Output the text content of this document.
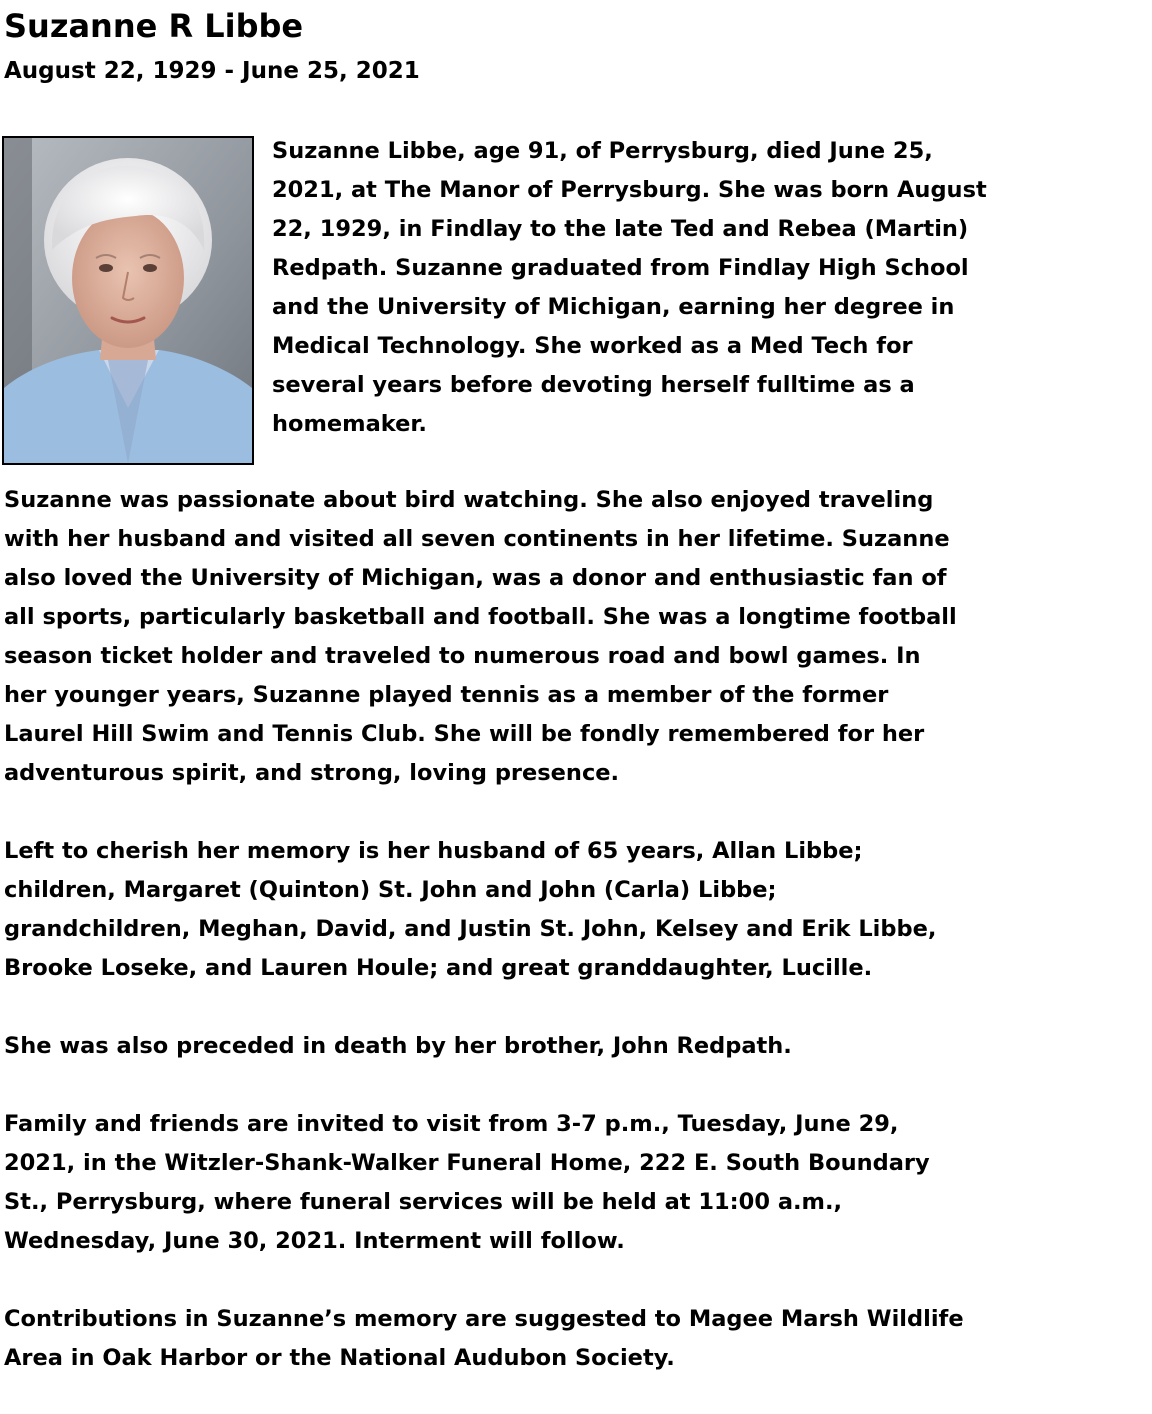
Suzanne R Libbe
August 22, 1929 - June 25, 2021

Suzanne Libbe, age 91, of Perrysburg, died June 25,
2021, at The Manor of Perrysburg. She was born August
22, 1929, in Findlay to the late Ted and Rebea (Martin)
Redpath. Suzanne graduated from Findlay High School
and the University of Michigan, earning her degree in
Medical Technology. She worked as a Med Tech for
several years before devoting herself fulltime as a
homemaker.

Suzanne was passionate about bird watching. She also enjoyed traveling
with her husband and visited all seven continents in her lifetime. Suzanne
also loved the University of Michigan, was a donor and enthusiastic fan of
all sports, particularly basketball and football. She was a longtime football
season ticket holder and traveled to numerous road and bowl games. In
her younger years, Suzanne played tennis as a member of the former
Laurel Hill Swim and Tennis Club. She will be fondly remembered for her
adventurous spirit, and strong, loving presence.

Left to cherish her memory is her husband of 65 years, Allan Libbe;
children, Margaret (Quinton) St. John and John (Carla) Libbe;
grandchildren, Meghan, David, and Justin St. John, Kelsey and Erik Libbe,
Brooke Loseke, and Lauren Houle; and great granddaughter, Lucille.

She was also preceded in death by her brother, John Redpath.

Family and friends are invited to visit from 3-7 p.m., Tuesday, June 29,
2021, in the Witzler-Shank-Walker Funeral Home, 222 E. South Boundary
St., Perrysburg, where funeral services will be held at 11:00 a.m.,
Wednesday, June 30, 2021. Interment will follow.

Contributions in Suzanne’s memory are suggested to Magee Marsh Wildlife
Area in Oak Harbor or the National Audubon Society.
